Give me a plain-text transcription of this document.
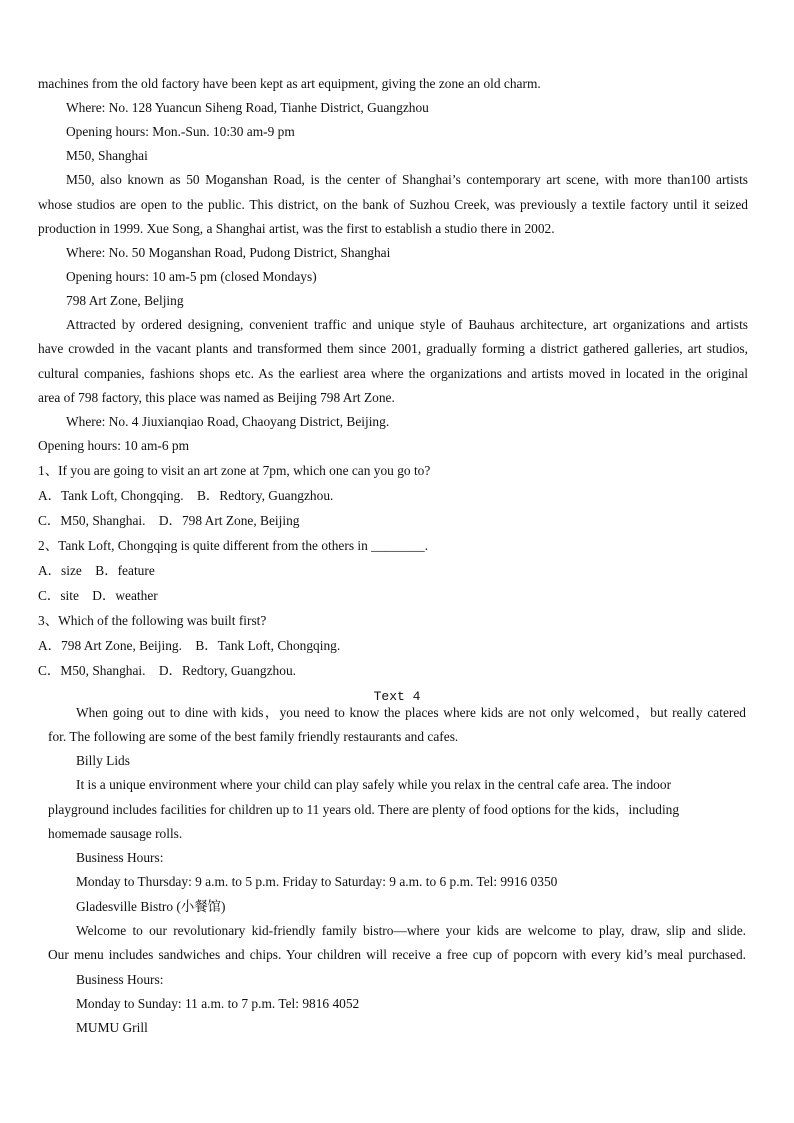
machines from the old factory have been kept as art equipment, giving the zone an old charm.
Where: No. 128 Yuancun Siheng Road, Tianhe District, Guangzhou
Opening hours: Mon.-Sun. 10:30 am-9 pm
M50, Shanghai
M50, also known as 50 Moganshan Road, is the center of Shanghai’s contemporary art scene, with more than100 artists
whose studios are open to the public. This district, on the bank of Suzhou Creek, was previously a textile factory until it seized
production in 1999. Xue Song, a Shanghai artist, was the first to establish a studio there in 2002.
Where: No. 50 Moganshan Road, Pudong District, Shanghai
Opening hours: 10 am-5 pm (closed Mondays)
798 Art Zone, Beljing
Attracted by ordered designing, convenient traffic and unique style of Bauhaus architecture, art organizations and artists
have crowded in the vacant plants and transformed them since 2001, gradually forming a district gathered galleries, art studios,
cultural companies, fashions shops etc. As the earliest area where the organizations and artists moved in located in the original
area of 798 factory, this place was named as Beijing 798 Art Zone.
Where: No. 4 Jiuxianqiao Road, Chaoyang District, Beijing.
Opening hours: 10 am-6 pm
1、If you are going to visit an art zone at 7pm, which one can you go to?
A．Tank Loft, Chongqing.    B．Redtory, Guangzhou.
C．M50, Shanghai.    D．798 Art Zone, Beijing
2、Tank Loft, Chongqing is quite different from the others in ________.
A．size    B．feature
C．site    D．weather
3、Which of the following was built first?
A．798 Art Zone, Beijing.    B．Tank Loft, Chongqing.
C．M50, Shanghai.    D．Redtory, Guangzhou.
Text 4
When going out to dine with kids，you need to know the places where kids are not only welcomed，but really catered
for. The following are some of the best family friendly restaurants and cafes.
Billy Lids
It is a unique environment where your child can play safely while you relax in the central cafe area. The indoor
playground includes facilities for children up to 11 years old. There are plenty of food options for the kids，including
homemade sausage rolls.
Business Hours:
Monday to Thursday: 9 a.m. to 5 p.m. Friday to Saturday: 9 a.m. to 6 p.m. Tel: 9916 0350
Gladesville Bistro (小餐馆)
Welcome to our revolutionary kid-friendly family bistro—where your kids are welcome to play, draw, slip and slide.
Our menu includes sandwiches and chips. Your children will receive a free cup of popcorn with every kid’s meal purchased.
Business Hours:
Monday to Sunday: 11 a.m. to 7 p.m. Tel: 9816 4052
MUMU Grill
